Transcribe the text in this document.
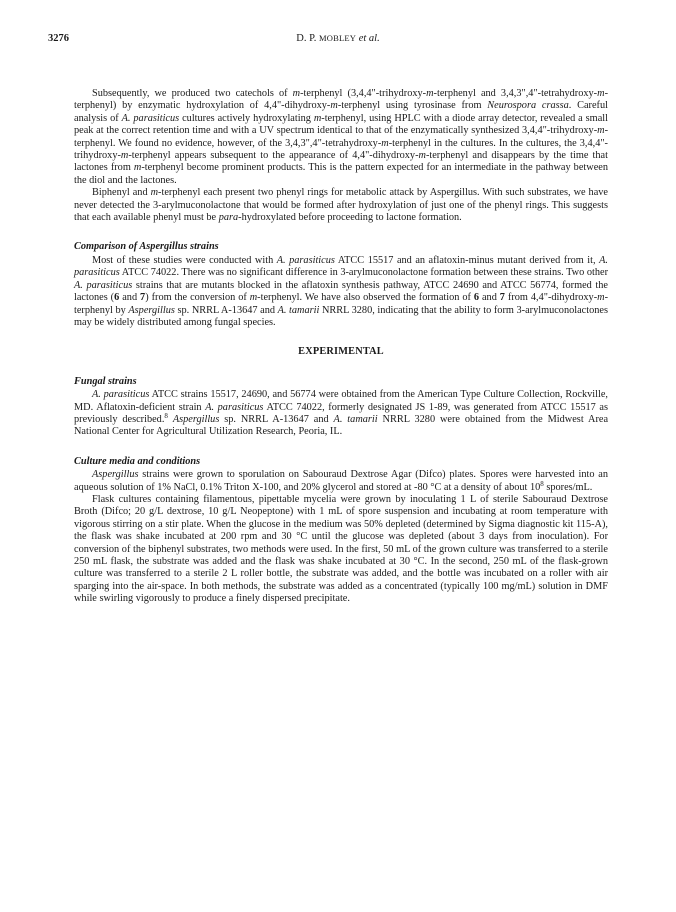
3276	D. P. MOBLEY et al.

Subsequently, we produced two catechols of m-terphenyl (3,4,4"-trihydroxy-m-terphenyl and 3,4,3",4"-tetrahydroxy-m-terphenyl) by enzymatic hydroxylation of 4,4"-dihydroxy-m-terphenyl using tyrosinase from Neurospora crassa. Careful analysis of A. parasiticus cultures actively hydroxylating m-terphenyl, using HPLC with a diode array detector, revealed a small peak at the correct retention time and with a UV spectrum identical to that of the enzymatically synthesized 3,4,4"-trihydroxy-m-terphenyl. We found no evidence, however, of the 3,4,3",4"-tetrahydroxy-m-terphenyl in the cultures. In the cultures, the 3,4,4"-trihydroxy-m-terphenyl appears subsequent to the appearance of 4,4"-dihydroxy-m-terphenyl and disappears by the time that lactones from m-terphenyl become prominent products. This is the pattern expected for an intermediate in the pathway between the diol and the lactones.

Biphenyl and m-terphenyl each present two phenyl rings for metabolic attack by Aspergillus. With such substrates, we have never detected the 3-arylmuconolactone that would be formed after hydroxylation of just one of the phenyl rings. This suggests that each available phenyl must be para-hydroxylated before proceeding to lactone formation.

Comparison of Aspergillus strains

Most of these studies were conducted with A. parasiticus ATCC 15517 and an aflatoxin-minus mutant derived from it, A. parasiticus ATCC 74022. There was no significant difference in 3-arylmuconolactone formation between these strains. Two other A. parasiticus strains that are mutants blocked in the aflatoxin synthesis pathway, ATCC 24690 and ATCC 56774, formed the lactones (6 and 7) from the conversion of m-terphenyl. We have also observed the formation of 6 and 7 from 4,4"-dihydroxy-m-terphenyl by Aspergillus sp. NRRL A-13647 and A. tamarii NRRL 3280, indicating that the ability to form 3-arylmuconolactones may be widely distributed among fungal species.

EXPERIMENTAL
Fungal strains

A. parasiticus ATCC strains 15517, 24690, and 56774 were obtained from the American Type Culture Collection, Rockville, MD. Aflatoxin-deficient strain A. parasiticus ATCC 74022, formerly designated JS 1-89, was generated from ATCC 15517 as previously described.$^8$ Aspergillus sp. NRRL A-13647 and A. tamarii NRRL 3280 were obtained from the Midwest Area National Center for Agricultural Utilization Research, Peoria, IL.

Culture media and conditions

Aspergillus strains were grown to sporulation on Sabouraud Dextrose Agar (Difco) plates. Spores were harvested into an aqueous solution of 1% NaCl, 0.1% Triton X-100, and 20% glycerol and stored at -80 °C at a density of about $10^8$ spores/mL.

Flask cultures containing filamentous, pipettable mycelia were grown by inoculating 1 L of sterile Sabouraud Dextrose Broth (Difco; 20 g/L dextrose, 10 g/L Neopeptone) with 1 mL of spore suspension and incubating at room temperature with vigorous stirring on a stir plate. When the glucose in the medium was 50% depleted (determined by Sigma diagnostic kit 115-A), the flask was shake incubated at 200 rpm and 30 °C until the glucose was depleted (about 3 days from inoculation). For conversion of the biphenyl substrates, two methods were used. In the first, 50 mL of the grown culture was transferred to a sterile 250 mL flask, the substrate was added and the flask was shake incubated at 30 °C. In the second, 250 mL of the flask-grown culture was transferred to a sterile 2 L roller bottle, the substrate was added, and the bottle was incubated on a roller with air sparging into the air-space. In both methods, the substrate was added as a concentrated (typically 100 mg/mL) solution in DMF while swirling vigorously to produce a finely dispersed precipitate.
